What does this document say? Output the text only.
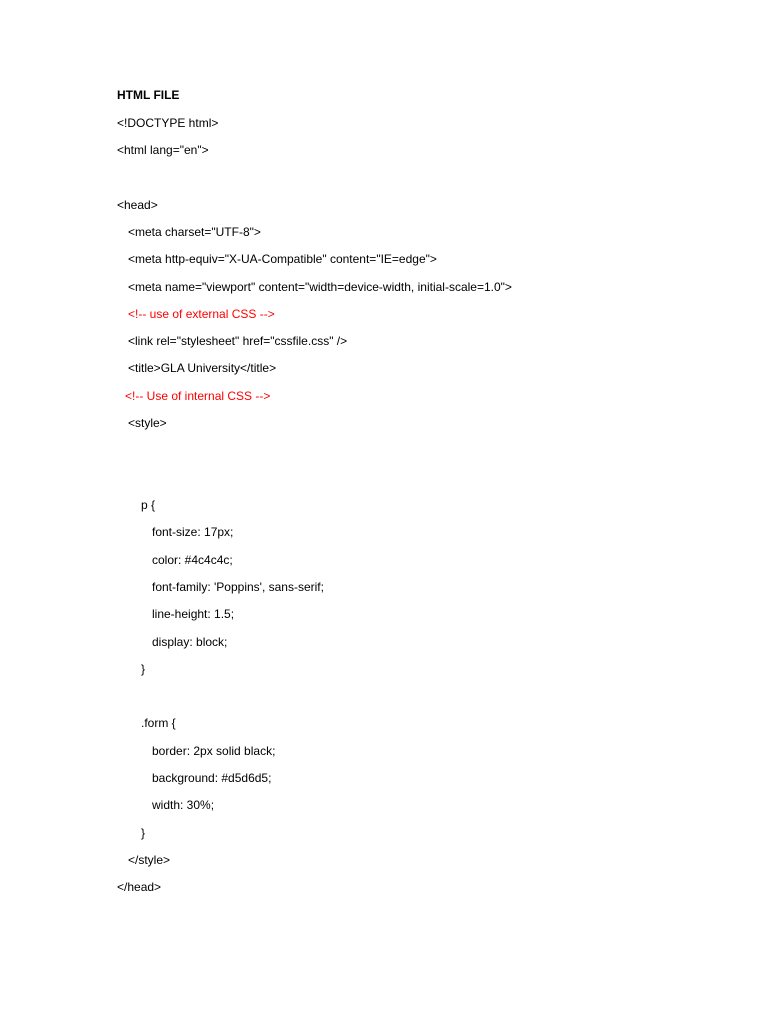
HTML FILE
<!DOCTYPE html>
<html lang="en">
<head>
<meta charset="UTF-8">
<meta http-equiv="X-UA-Compatible" content="IE=edge">
<meta name="viewport" content="width=device-width, initial-scale=1.0">
<!-- use of external CSS -->
<link rel="stylesheet" href="cssfile.css" />
<title>GLA University</title>
<!-- Use of internal CSS -->
<style>
p {
font-size: 17px;
color: #4c4c4c;
font-family: 'Poppins', sans-serif;
line-height: 1.5;
display: block;
}
.form {
border: 2px solid black;
background: #d5d6d5;
width: 30%;
}
</style>
</head>
